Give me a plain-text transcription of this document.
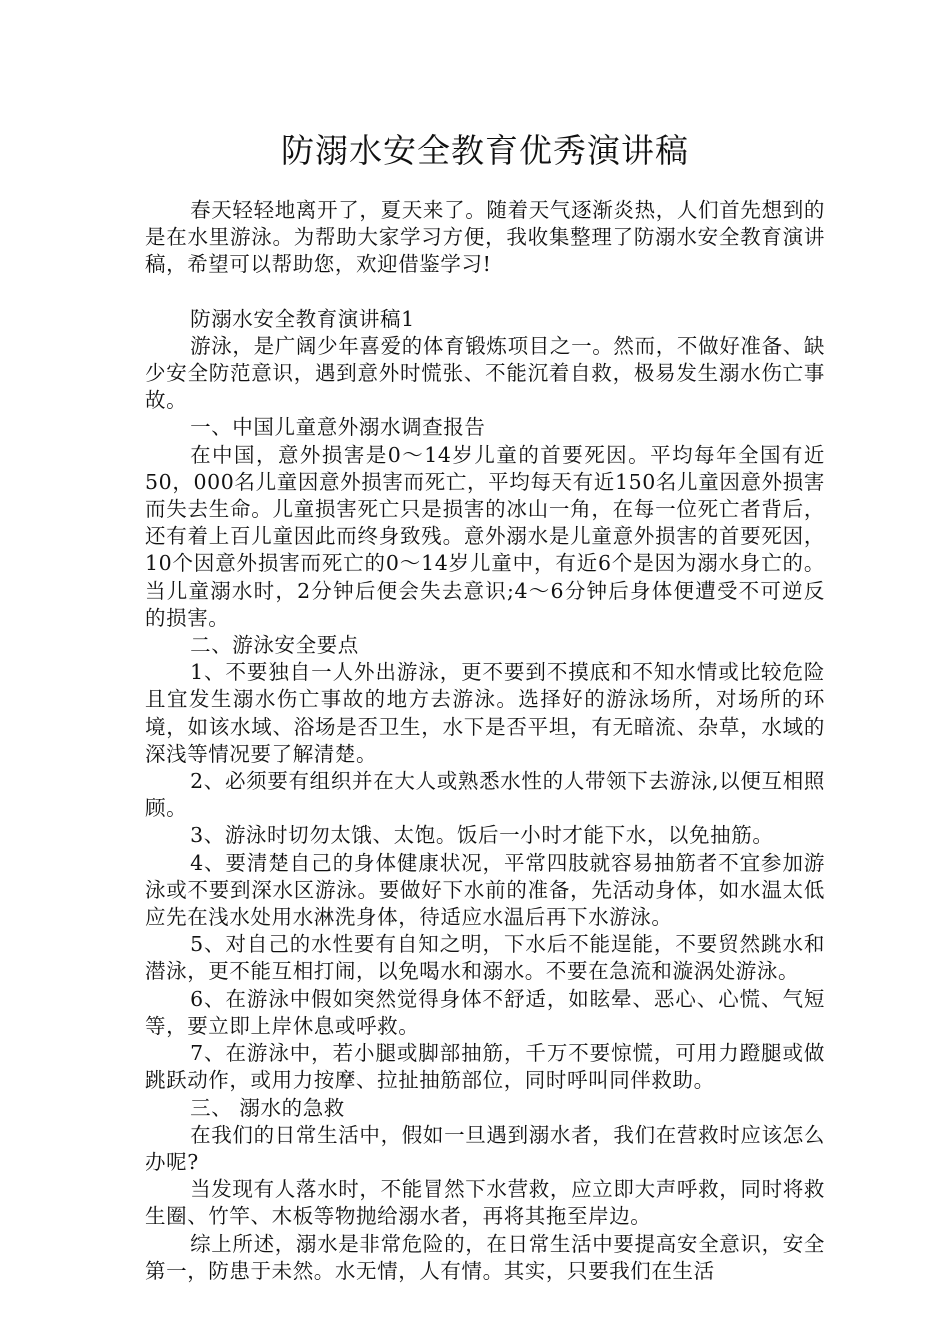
防溺水安全教育优秀演讲稿

春天轻轻地离开了，夏天来了。随着天气逐渐炎热，人们首先想到的是在水里游泳。为帮助大家学习方便，我收集整理了防溺水安全教育演讲稿，希望可以帮助您，欢迎借鉴学习!

防溺水安全教育演讲稿1

游泳，是广阔少年喜爱的体育锻炼项目之一。然而，不做好准备、缺少安全防范意识，遇到意外时慌张、不能沉着自救，极易发生溺水伤亡事故。

一、中国儿童意外溺水调查报告

在中国，意外损害是0～14岁儿童的首要死因。平均每年全国有近50，000名儿童因意外损害而死亡，平均每天有近150名儿童因意外损害而失去生命。儿童损害死亡只是损害的冰山一角，在每一位死亡者背后，还有着上百儿童因此而终身致残。意外溺水是儿童意外损害的首要死因，10个因意外损害而死亡的0～14岁儿童中，有近6个是因为溺水身亡的。当儿童溺水时，2分钟后便会失去意识;4～6分钟后身体便遭受不可逆反的损害。

二、游泳安全要点

1、不要独自一人外出游泳，更不要到不摸底和不知水情或比较危险且宜发生溺水伤亡事故的地方去游泳。选择好的游泳场所，对场所的环境，如该水域、浴场是否卫生，水下是否平坦，有无暗流、杂草，水域的深浅等情况要了解清楚。

2、必须要有组织并在大人或熟悉水性的人带领下去游泳,以便互相照顾。

3、游泳时切勿太饿、太饱。饭后一小时才能下水，以免抽筋。

4、要清楚自己的身体健康状况，平常四肢就容易抽筋者不宜参加游泳或不要到深水区游泳。要做好下水前的准备，先活动身体，如水温太低应先在浅水处用水淋洗身体，待适应水温后再下水游泳。

5、对自己的水性要有自知之明，下水后不能逞能，不要贸然跳水和潜泳，更不能互相打闹，以免喝水和溺水。不要在急流和漩涡处游泳。

6、在游泳中假如突然觉得身体不舒适，如眩晕、恶心、心慌、气短等，要立即上岸休息或呼救。

7、在游泳中，若小腿或脚部抽筋，千万不要惊慌，可用力蹬腿或做跳跃动作，或用力按摩、拉扯抽筋部位，同时呼叫同伴救助。

三、 溺水的急救

在我们的日常生活中，假如一旦遇到溺水者，我们在营救时应该怎么办呢?

当发现有人落水时，不能冒然下水营救，应立即大声呼救，同时将救生圈、竹竿、木板等物抛给溺水者，再将其拖至岸边。

综上所述，溺水是非常危险的，在日常生活中要提高安全意识，安全第一，防患于未然。水无情，人有情。其实，只要我们在生活
